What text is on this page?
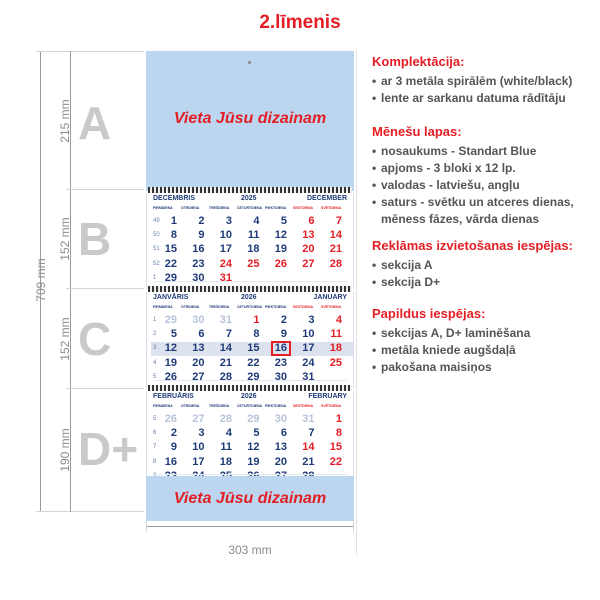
2.līmenis
709 mm
215 mm
152 mm
152 mm
190 mm
A
B
C
D+
303 mm
Vieta Jūsu dizainam
DECEMBRIS	2025	DECEMBER
PIRMDIENA OTRDIENA	TREŠDIENA CETURTDIENA PIEKTDIENA SESTDIENA SVĒTDIENA
49 1 2 3 4 5 6 7
50 8 9 10 11 12 13 14
51 15 16 17 18 19 20 21
52 22 23 24 25 26 27 28
1 29 30 31
JANVĀRIS	2026	JANUARY
PIRMDIENA OTRDIENA	TREŠDIENA CETURTDIENA PIEKTDIENA SESTDIENA SVĒTDIENA
1 29 30 31 1 2 3 4
2 5 6 7 8 9 10 11
3 12 13 14 15 16 17 18
4 19 20 21 22 23 24 25
5 26 27 28 29 30 31
FEBRUĀRIS	2026	FEBRUARY
PIRMDIENA OTRDIENA	TREŠDIENA CETURTDIENA PIEKTDIENA SESTDIENA SVĒTDIENA
5 26 27 28 29 30 31 1
6 2 3 4 5 6 7 8
7 9 10 11 12 13 14 15
8 16 17 18 19 20 21 22
Vieta Jūsu dizainam
Komplektācija:
• ar 3 metāla spirālēm (white/black)
• lente ar sarkanu datuma rādītāju
Mēnešu lapas:
• nosaukums - Standart Blue
• apjoms - 3 bloki x 12 lp.
• valodas - latviešu, angļu
• saturs - svētku un atceres dienas, mēness fāzes, vārda dienas
Reklāmas izvietošanas iespējas:
• sekcija A
• sekcija D+
Papildus iespējas:
• sekcijas A, D+ laminēšana
• metāla kniede augšdaļā
• pakošana maisiņos
